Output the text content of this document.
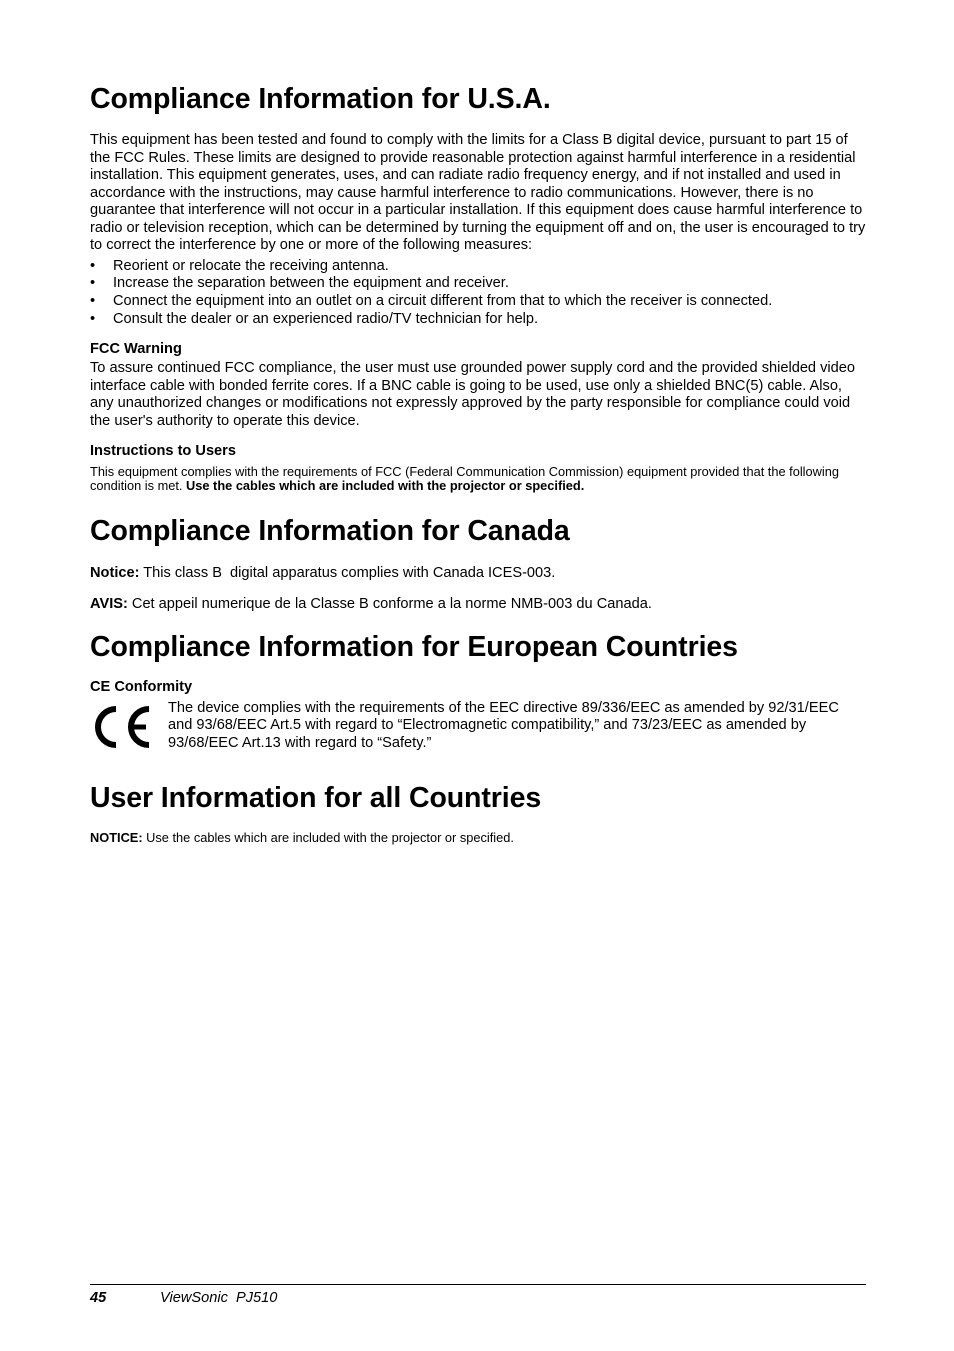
Compliance Information for U.S.A.

This equipment has been tested and found to comply with the limits for a Class B digital device, pursuant to part 15 of the FCC Rules. These limits are designed to provide reasonable protection against harmful interference in a residential installation. This equipment generates, uses, and can radiate radio frequency energy, and if not installed and used in accordance with the instructions, may cause harmful interference to radio communications. However, there is no guarantee that interference will not occur in a particular installation. If this equipment does cause harmful interference to radio or television reception, which can be determined by turning the equipment off and on, the user is encouraged to try to correct the interference by one or more of the following measures:

• Reorient or relocate the receiving antenna.
• Increase the separation between the equipment and receiver.
• Connect the equipment into an outlet on a circuit different from that to which the receiver is connected.
• Consult the dealer or an experienced radio/TV technician for help.
FCC Warning

To assure continued FCC compliance, the user must use grounded power supply cord and the provided shielded video interface cable with bonded ferrite cores. If a BNC cable is going to be used, use only a shielded BNC(5) cable. Also, any unauthorized changes or modifications not expressly approved by the party responsible for compliance could void the user's authority to operate this device.

Instructions to Users

This equipment complies with the requirements of FCC (Federal Communication Commission) equipment provided that the following condition is met. Use the cables which are included with the projector or specified.

Compliance Information for Canada

Notice: This class B  digital apparatus complies with Canada ICES-003.

AVIS: Cet appeil numerique de la Classe B conforme a la norme NMB-003 du Canada.

Compliance Information for European Countries
CE Conformity

The device complies with the requirements of the EEC directive 89/336/EEC as amended by 92/31/EEC and 93/68/EEC Art.5 with regard to “Electromagnetic compatibility,” and 73/23/EEC as amended by 93/68/EEC Art.13 with regard to “Safety.”

User Information for all Countries

NOTICE: Use the cables which are included with the projector or specified.

45	ViewSonic  PJ510
